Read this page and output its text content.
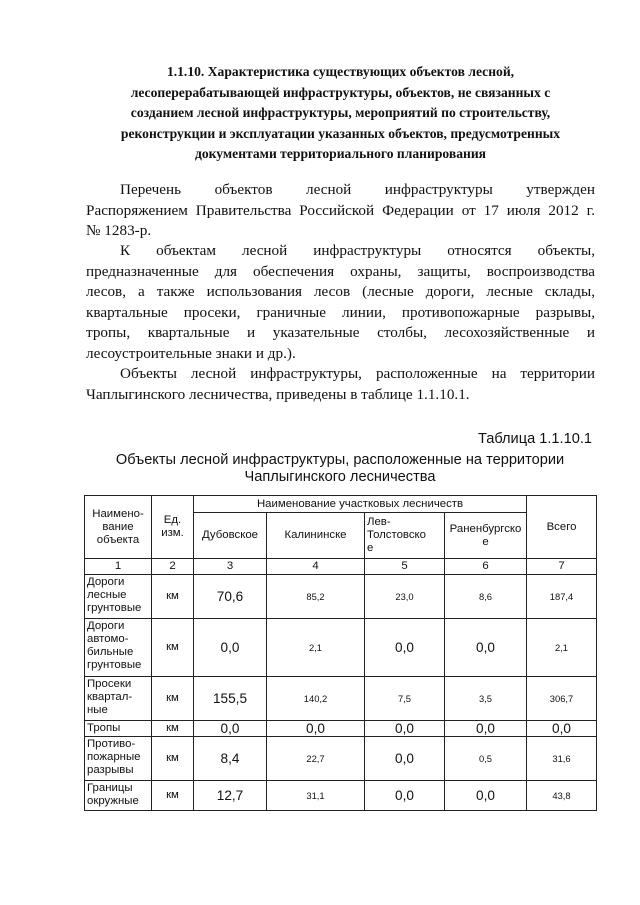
1.1.10. Характеристика существующих объектов лесной,
лесоперерабатывающей инфраструктуры, объектов, не связанных с
созданием лесной инфраструктуры, мероприятий по строительству,
реконструкции и эксплуатации указанных объектов, предусмотренных
документами территориального планирования
Перечень объектов лесной инфраструктуры утвержден
Распоряжением Правительства Российской Федерации от 17 июля 2012 г.
№ 1283-р.
К объектам лесной инфраструктуры относятся объекты,
предназначенные для обеспечения охраны, защиты, воспроизводства
лесов, а также использования лесов (лесные дороги, лесные склады,
квартальные просеки, граничные линии, противопожарные разрывы,
тропы, квартальные и указательные столбы, лесохозяйственные и
лесоустроительные знаки и др.).
Объекты лесной инфраструктуры, расположенные на территории
Чаплыгинского лесничества, приведены в таблице 1.1.10.1.
Таблица 1.1.10.1
Объекты лесной инфраструктуры, расположенные на территории
Чаплыгинского лесничества
Наимено-
вание
объекта	Ед.
изм.	Наименование участковых лесничеств				Всего
		Дубовское	Калининске	Лев-
Толстовско
е	Раненбургско
е	
1	2	3	4	5	6	7
Дороги
лесные
грунтовые	км	70,6	85,2	23,0	8,6	187,4
Дороги
автомо-
бильные
грунтовые	км	0,0	2,1	0,0	0,0	2,1
Просеки
квартал-
ные	км	155,5	140,2	7,5	3,5	306,7
Тропы	км	0,0	0,0	0,0	0,0	0,0
Противо-
пожарные
разрывы	км	8,4	22,7	0,0	0,5	31,6
Границы
окружные	км	12,7	31,1	0,0	0,0	43,8
